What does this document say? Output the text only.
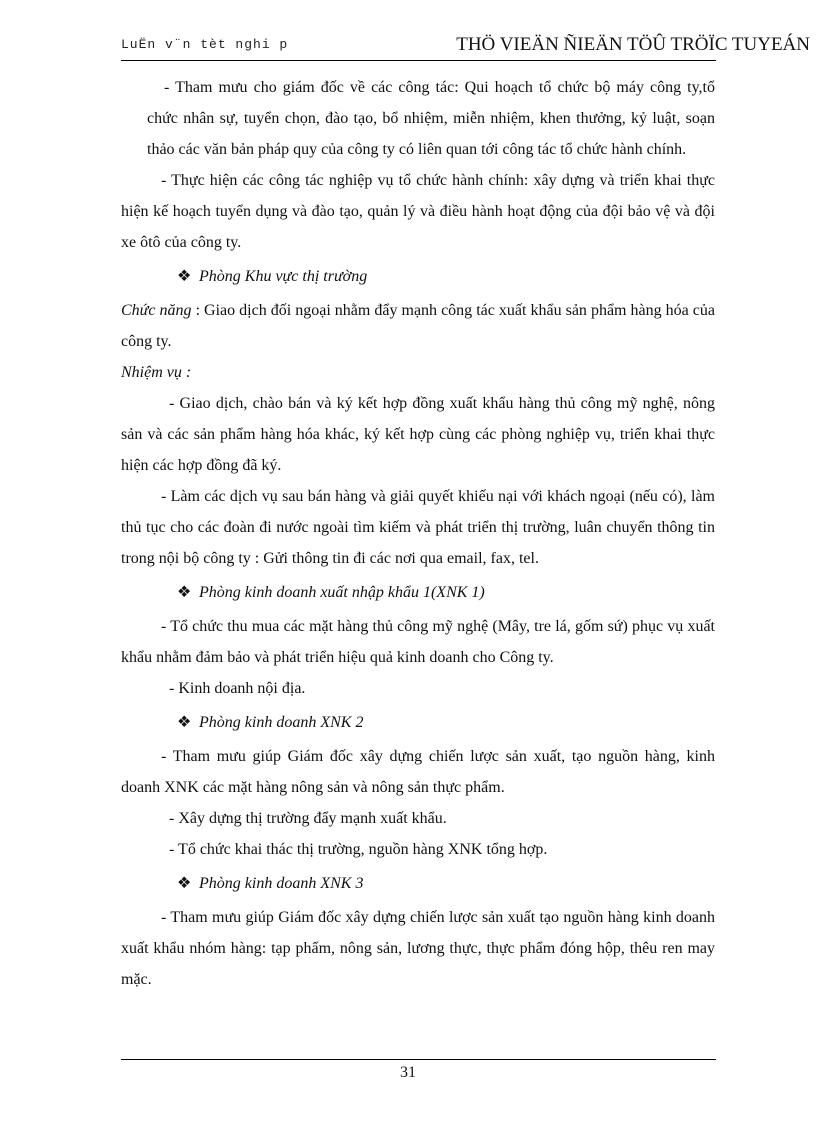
LuËn v¨n tèt nghi p	THÖ VIEÄN ÑIEÄN TÖÛ TRÖÏC TUYEÁN

- Tham mưu cho giám đốc về các công tác: Qui hoạch tổ chức bộ máy công ty,tổ chức nhân sự, tuyển chọn, đào tạo, bổ nhiệm, miễn nhiệm, khen thưởng, kỷ luật, soạn thảo các văn bản pháp quy của công ty có liên quan tới công tác tổ chức hành chính.

- Thực hiện các công tác nghiệp vụ tổ chức hành chính: xây dựng và triển khai thực hiện kế hoạch tuyển dụng và đào tạo, quản lý và điều hành hoạt động của đội bảo vệ và đội xe ôtô của công ty.

❖ Phòng Khu vực thị trường

Chức năng : Giao dịch đối ngoại nhằm đẩy mạnh công tác xuất khẩu sản phẩm hàng hóa của công ty.

Nhiệm vụ :

- Giao dịch, chào bán và ký kết hợp đồng xuất khẩu hàng thủ công mỹ nghệ, nông sản và các sản phẩm hàng hóa khác, ký kết hợp cùng các phòng nghiệp vụ, triển khai thực hiện các hợp đồng đã ký.

- Làm các dịch vụ sau bán hàng và giải quyết khiếu nại với khách ngoại (nếu có), làm thủ tục cho các đoàn đi nước ngoài tìm kiếm và phát triển thị trường, luân chuyển thông tin trong nội bộ công ty : Gửi thông tin đi các nơi qua email, fax, tel.

❖ Phòng kinh doanh xuất nhập khẩu 1(XNK 1)

- Tổ chức thu mua các mặt hàng thủ công mỹ nghệ (Mây, tre lá, gốm sứ) phục vụ xuất khẩu nhằm đảm bảo và phát triển hiệu quả kinh doanh cho Công ty.

- Kinh doanh nội địa.

❖ Phòng kinh doanh XNK 2

- Tham mưu giúp Giám đốc xây dựng chiến lược sản xuất, tạo nguồn hàng, kinh doanh XNK các mặt hàng nông sản và nông sản thực phẩm.

- Xây dựng thị trường đẩy mạnh xuất khẩu.

- Tổ chức khai thác thị trường, nguồn hàng XNK tổng hợp.

❖ Phòng kinh doanh XNK 3

- Tham mưu giúp Giám đốc xây dựng chiến lược sản xuất tạo nguồn hàng kinh doanh xuất khẩu nhóm hàng: tạp phẩm, nông sản, lương thực, thực phẩm đóng hộp, thêu ren may mặc.

31
